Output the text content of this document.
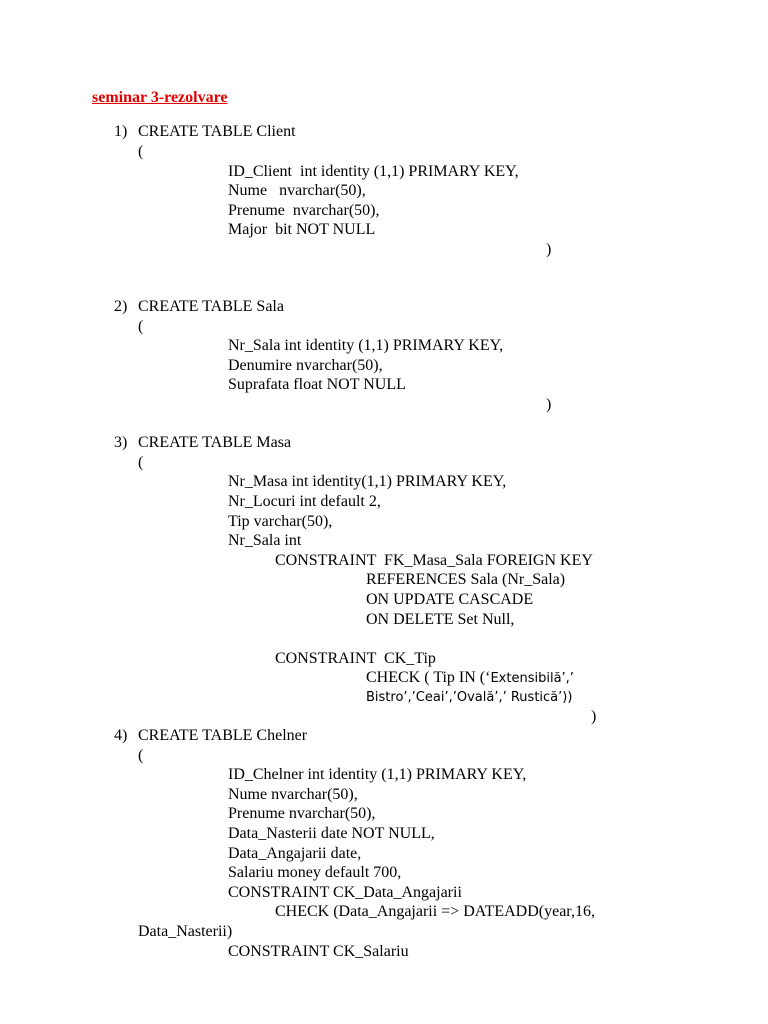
seminar 3-rezolvare
1) CREATE TABLE Client
(
ID_Client  int identity (1,1) PRIMARY KEY,
Nume   nvarchar(50),
Prenume  nvarchar(50),
Major  bit NOT NULL
)
2) CREATE TABLE Sala
(
Nr_Sala int identity (1,1) PRIMARY KEY,
Denumire nvarchar(50),
Suprafata float NOT NULL
)
3) CREATE TABLE Masa
(
Nr_Masa int identity(1,1) PRIMARY KEY,
Nr_Locuri int default 2,
Tip varchar(50),
Nr_Sala int
CONSTRAINT  FK_Masa_Sala FOREIGN KEY
REFERENCES Sala (Nr_Sala)
ON UPDATE CASCADE
ON DELETE Set Null,
CONSTRAINT  CK_Tip
CHECK ( Tip IN (‘Extensibilă’,’
Bistro’,’Ceai’,’Ovală’,’ Rustică’))
)
4) CREATE TABLE Chelner
(
ID_Chelner int identity (1,1) PRIMARY KEY,
Nume nvarchar(50),
Prenume nvarchar(50),
Data_Nasterii date NOT NULL,
Data_Angajarii date,
Salariu money default 700,
CONSTRAINT CK_Data_Angajarii
CHECK (Data_Angajarii => DATEADD(year,16,
Data_Nasterii)
CONSTRAINT CK_Salariu
